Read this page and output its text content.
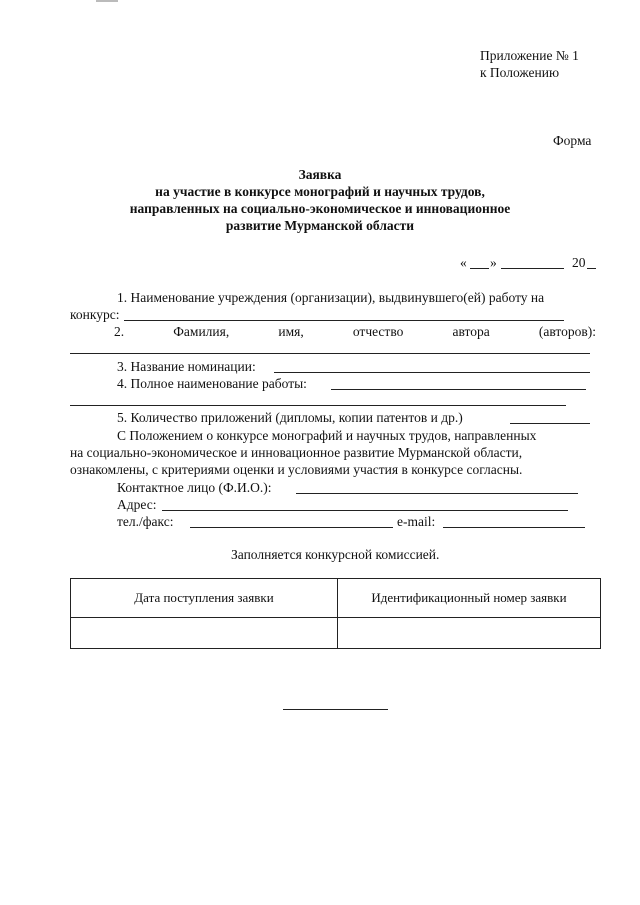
Приложение № 1
к Положению
Форма
Заявка
на участие в конкурсе монографий и научных трудов,
направленных на социально-экономическое и инновационное
развитие Мурманской области
« »	20
1. Наименование учреждения (организации), выдвинувшего(ей) работу на
конкурс:
2.	Фамилия,	имя,	отчество	автора	(авторов):
3. Название номинации:
4. Полное наименование работы:
5. Количество приложений (дипломы, копии патентов и др.)
С Положением о конкурсе монографий и научных трудов, направленных
на социально-экономическое и инновационное развитие Мурманской области,
ознакомлены, с критериями оценки и условиями участия в конкурсе согласны.
Контактное лицо (Ф.И.О.):
Адрес:
тел./факс:	e-mail:
Заполняется конкурсной комиссией.
Дата поступления заявки	Идентификационный номер заявки
